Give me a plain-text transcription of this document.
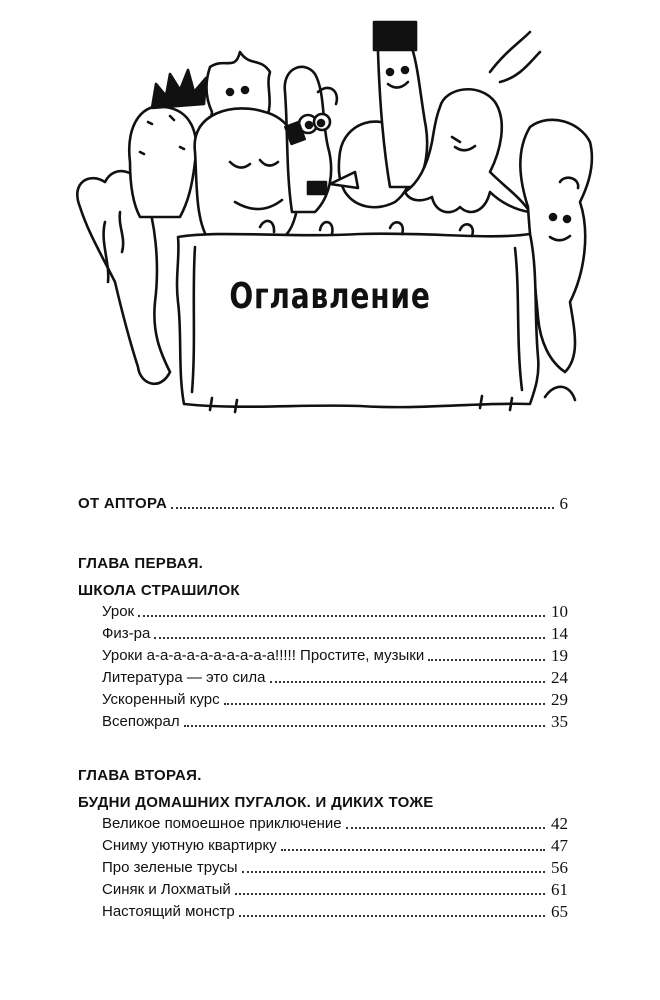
Оглавление
ОТ АПТОРА	6
ГЛАВА ПЕРВАЯ.
ШКОЛА СТРАШИЛОК
Урок	10
Физ-ра	14
Уроки а-а-а-а-а-а-а-а-а-а!!!!! Простите, музыки	19
Литература — это сила	24
Ускоренный курс	29
Всепожрал	35
ГЛАВА ВТОРАЯ.
БУДНИ ДОМАШНИХ ПУГАЛОК. И ДИКИХ ТОЖЕ
Великое помоешное приключение	42
Сниму уютную квартирку	47
Про зеленые трусы	56
Синяк и Лохматый	61
Настоящий монстр	65
